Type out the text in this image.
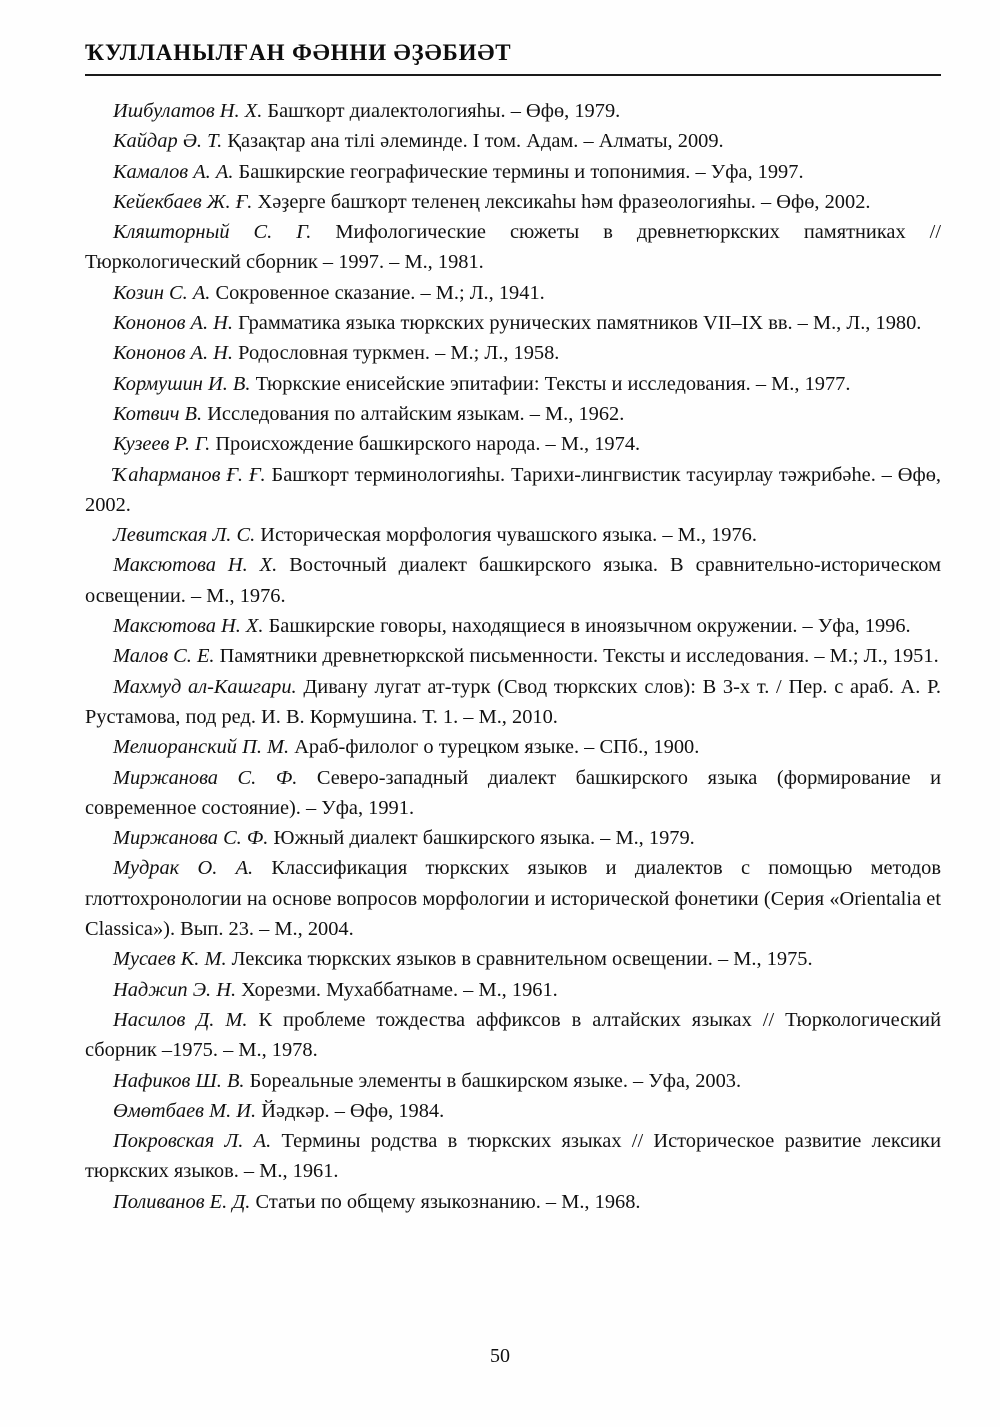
ҠУЛЛАНЫЛҒАН ФӘННИ ӘҘӘБИӘТ

Ишбулатов Н. Х. Башҡорт диалектологияһы. – Өфө, 1979.

Кайдар Ә. Т. Қазақтар ана тілі әлеминде. I том. Адам. – Алматы, 2009.

Камалов А. А. Башкирские географические термины и топонимия. – Уфа, 1997.

Кейекбаев Ж. Ғ. Хәҙерге башҡорт теленең лексикаһы һәм фразеологияһы. – Өфө, 2002.

Кляшторный С. Г. Мифологические сюжеты в древнетюркских памятниках // Тюркологический сборник – 1997. – М., 1981.

Козин С. А. Сокровенное сказание. – М.; Л., 1941.

Кононов А. Н. Грамматика языка тюркских рунических памятников VII–IX вв. – М., Л., 1980.

Кононов А. Н. Родословная туркмен. – М.; Л., 1958.

Кормушин И. В. Тюркские енисейские эпитафии: Тексты и исследования. – М., 1977.

Котвич В. Исследования по алтайским языкам. – М., 1962.

Кузеев Р. Г. Происхождение башкирского народа. – М., 1974.

Ҡаһарманов Ғ. Ғ. Башҡорт терминологияһы. Тарихи-лингвистик тасуирлау тәжрибәһе. – Өфө, 2002.

Левитская Л. С. Историческая морфология чувашского языка. – М., 1976.

Максютова Н. Х. Восточный диалект башкирского языка. В сравнительно-историческом освещении. – М., 1976.

Максютова Н. Х. Башкирские говоры, находящиеся в иноязычном окружении. – Уфа, 1996.

Малов С. Е. Памятники древнетюркской письменности. Тексты и исследования. – М.; Л., 1951.

Махмуд ал-Кашгари. Дивану лугат ат-турк (Свод тюркских слов): В 3-х т. / Пер. с араб. А. Р. Рустамова, под ред. И. В. Кормушина. Т. 1. – М., 2010.

Мелиоранский П. М. Араб-филолог о турецком языке. – СПб., 1900.

Миржанова С. Ф. Северо-западный диалект башкирского языка (формирование и современное состояние). – Уфа, 1991.

Миржанова С. Ф. Южный диалект башкирского языка. – М., 1979.

Мудрак О. А. Классификация тюркских языков и диалектов с помощью методов глоттохронологии на основе вопросов морфологии и исторической фонетики (Серия «Orientalia et Classica»). Вып. 23. – М., 2004.

Мусаев К. М. Лексика тюркских языков в сравнительном освещении. – М., 1975.

Наджип Э. Н. Хорезми. Мухаббатнаме. – М., 1961.

Насилов Д. М. К проблеме тождества аффиксов в алтайских языках // Тюркологический сборник –1975. – М., 1978.

Нафиков Ш. В. Бореальные элементы в башкирском языке. – Уфа, 2003.

Өмөтбаев М. И. Йәдкәр. – Өфө, 1984.

Покровская Л. А. Термины родства в тюркских языках // Историческое развитие лексики тюркских языков. – М., 1961.

Поливанов Е. Д. Статьи по общему языкознанию. – М., 1968.

50
